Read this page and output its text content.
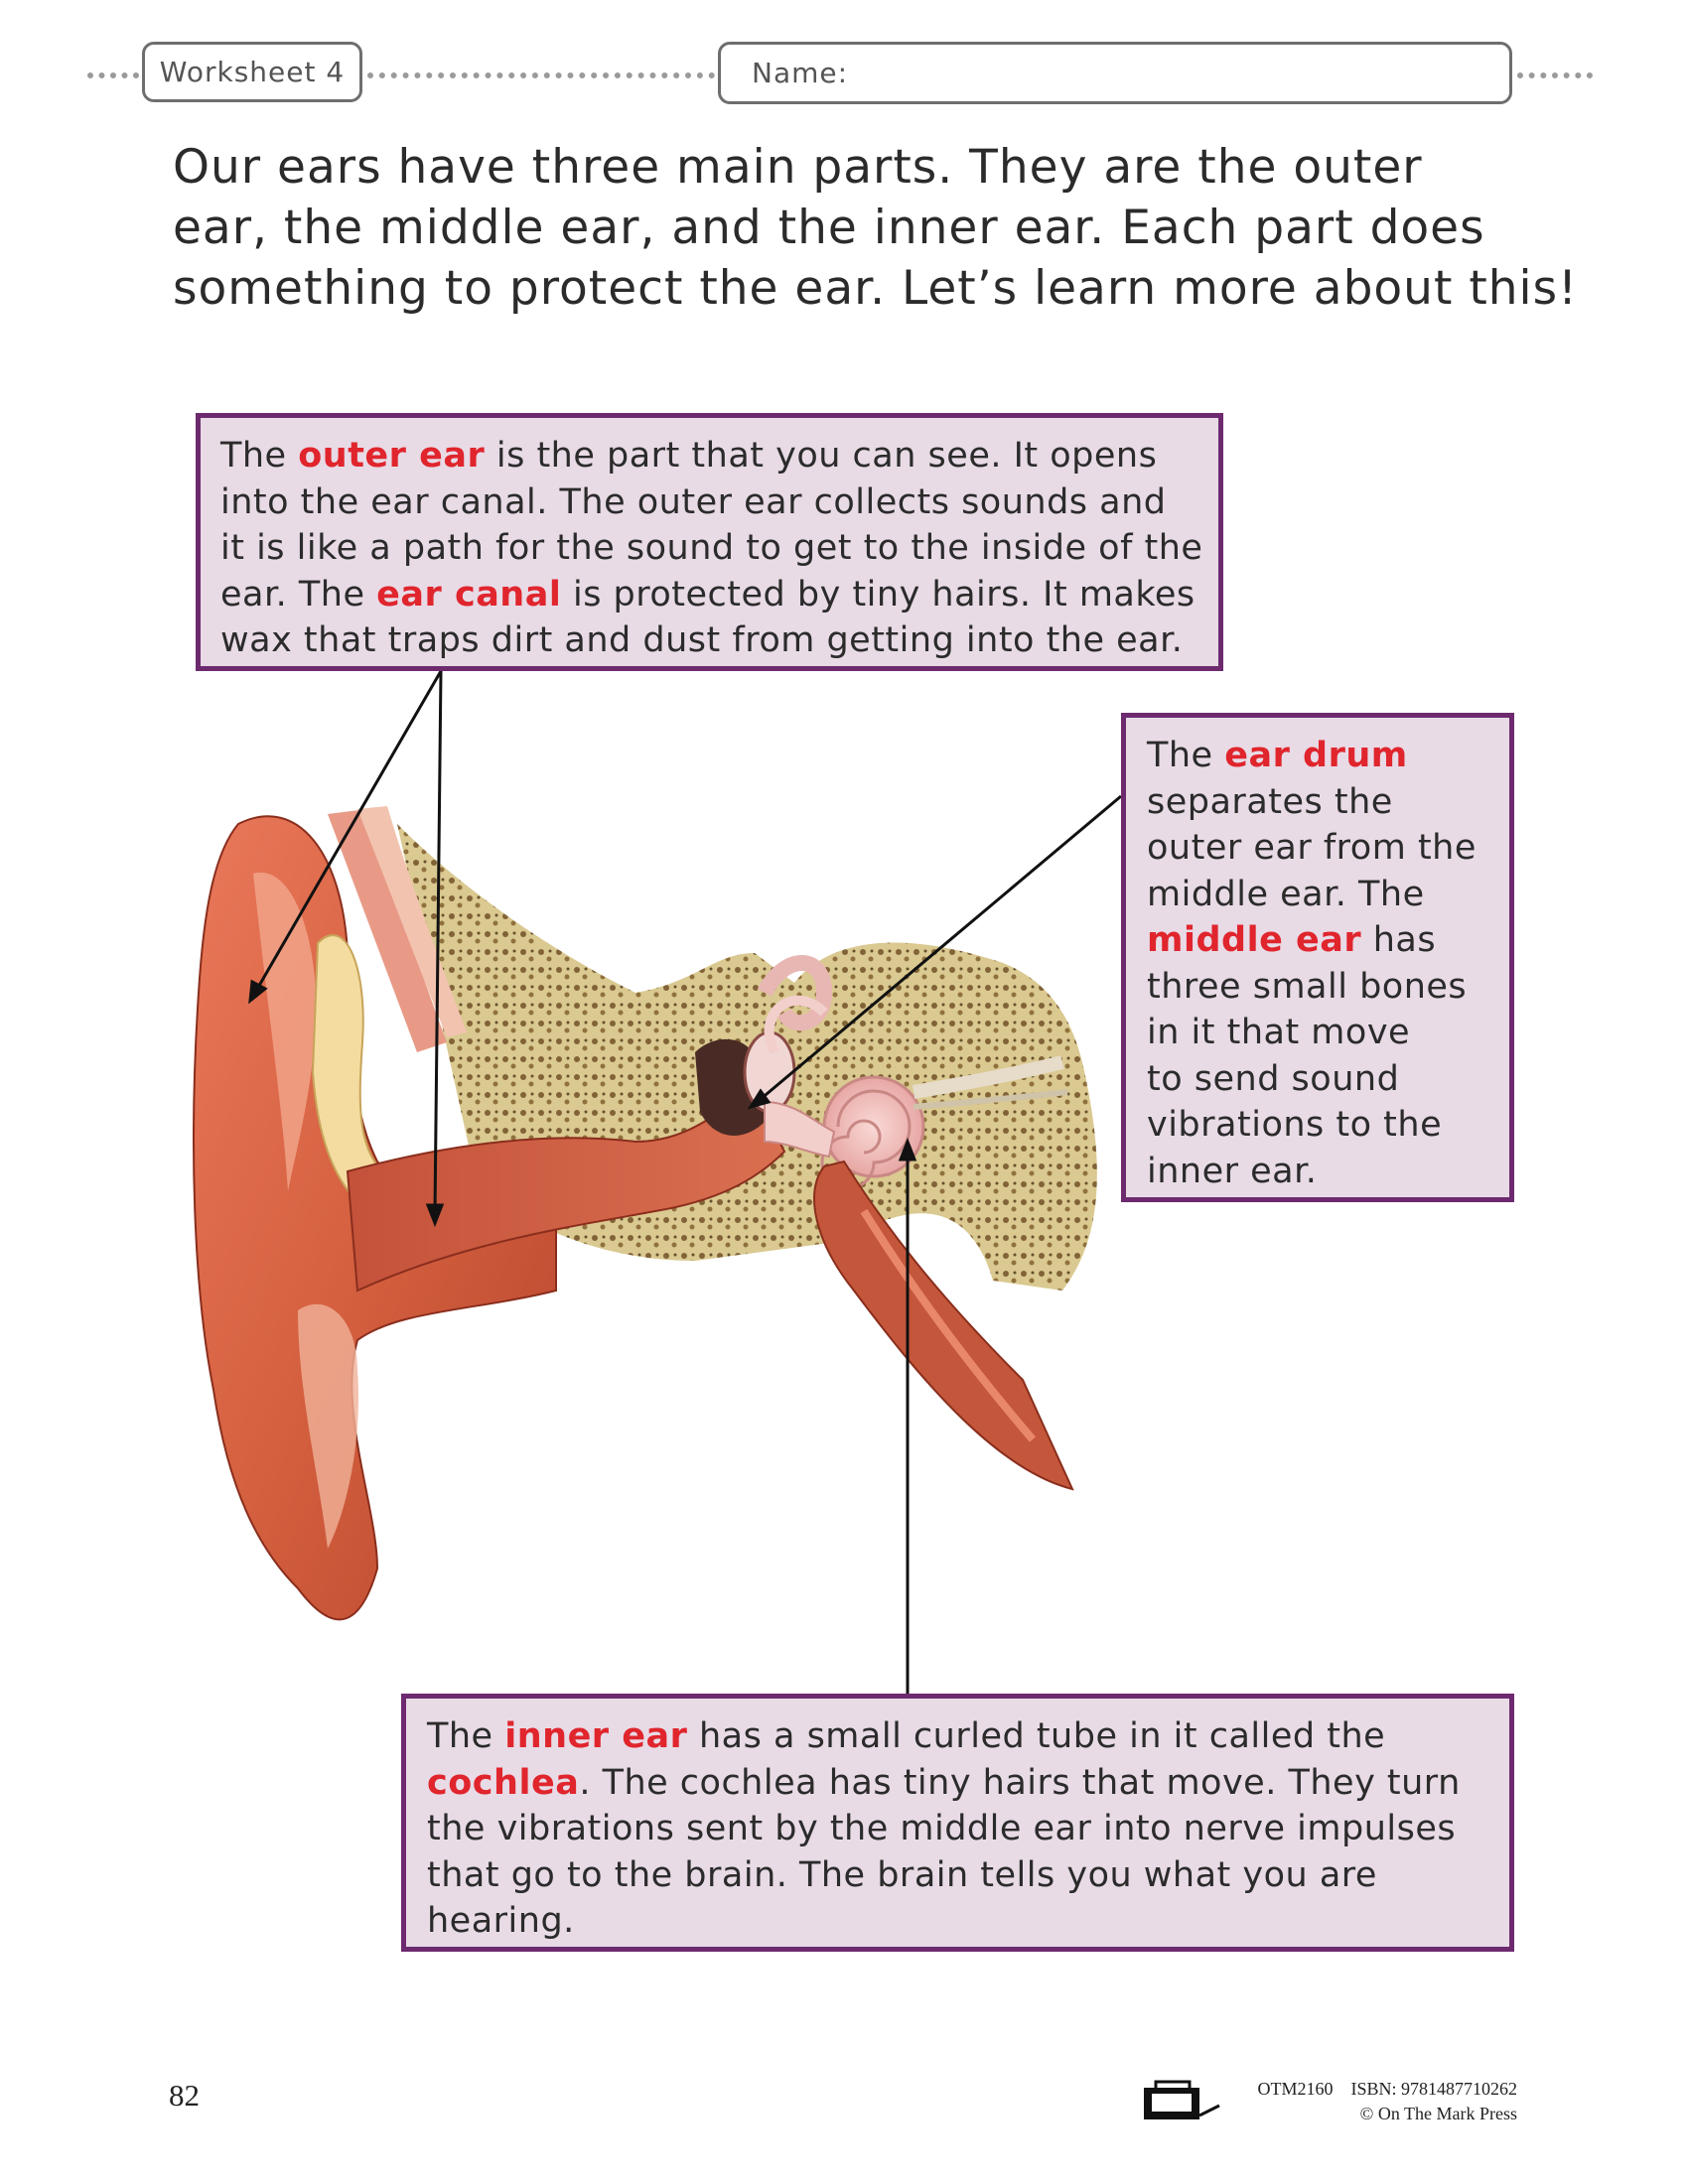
Worksheet 4	Name:

Our ears have three main parts. They are the outer

ear, the middle ear, and the inner ear. Each part does

something to protect the ear. Let’s learn more about this!

The outer ear is the part that you can see. It opens

into the ear canal. The outer ear collects sounds and

it is like a path for the sound to get to the inside of the

ear. The ear canal is protected by tiny hairs. It makes

wax that traps dirt and dust from getting into the ear.

The ear drum

separates the

outer ear from the

middle ear. The

middle ear has

three small bones

in it that move

to send sound

vibrations to the

inner ear.

The inner ear has a small curled tube in it called the

cochlea. The cochlea has tiny hairs that move. They turn

the vibrations sent by the middle ear into nerve impulses

that go to the brain. The brain tells you what you are

hearing.

82	OTM2160    ISBN: 9781487710262
© On The Mark Press
